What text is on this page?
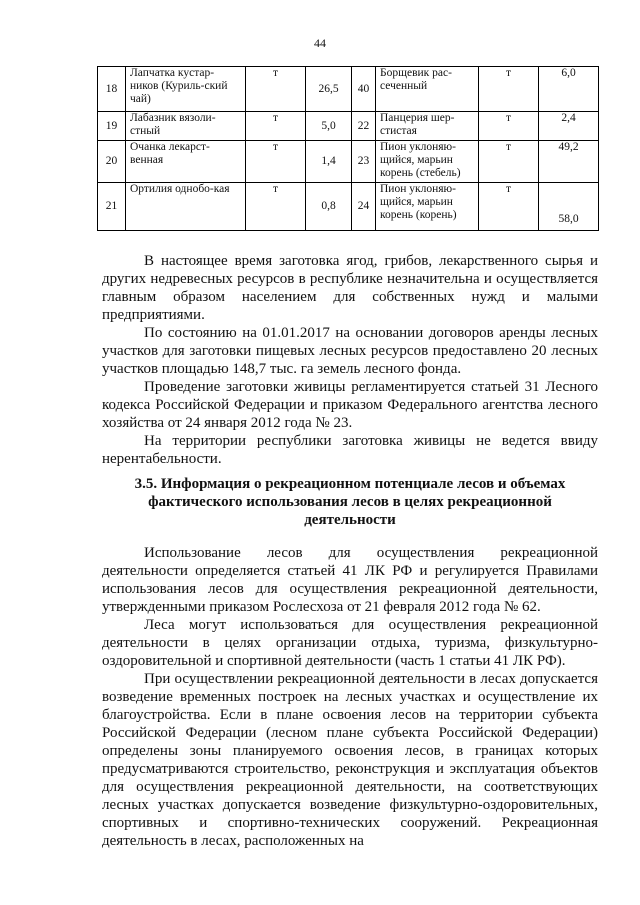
44
18	Лапчатка кустар-ников (Куриль-ский чай)	т	26,5	40	Борщевик рас-сеченный	т	6,0
19	Лабазник вязоли-стный	т	5,0	22	Панцерия шер-стистая	т	2,4
20	Очанка лекарст-венная	т	1,4	23	Пион уклоняю-щийся, марьин корень (стебель)	т	49,2
21	Ортилия однобо-кая	т	0,8	24	Пион уклоняю-щийся, марьин корень (корень)	т	58,0

В настоящее время заготовка ягод, грибов, лекарственного сырья и других недревесных ресурсов в республике незначительна и осуществляется главным образом населением для собственных нужд и малыми предприятиями.

По состоянию на 01.01.2017 на основании договоров аренды лесных участков для заготовки пищевых лесных ресурсов предоставлено 20 лесных участков площадью 148,7 тыс. га земель лесного фонда.

Проведение заготовки живицы регламентируется статьей 31 Лесного кодекса Российской Федерации и приказом Федерального агентства лесного хозяйства от 24 января 2012 года № 23.

На территории республики заготовка живицы не ведется ввиду нерентабельности.

3.5. Информация о рекреационном потенциале лесов и объемах фактического использования лесов в целях рекреационной деятельности

Использование лесов для осуществления рекреационной деятельности определяется статьей 41 ЛК РФ и регулируется Правилами использования лесов для осуществления рекреационной деятельности, утвержденными приказом Рослесхоза от 21 февраля 2012 года № 62.

Леса могут использоваться для осуществления рекреационной деятельности в целях организации отдыха, туризма, физкультурно-оздоровительной и спортивной деятельности (часть 1 статьи 41 ЛК РФ).

При осуществлении рекреационной деятельности в лесах допускается возведение временных построек на лесных участках и осуществление их благоустройства. Если в плане освоения лесов на территории субъекта Российской Федерации (лесном плане субъекта Российской Федерации) определены зоны планируемого освоения лесов, в границах которых предусматриваются строительство, реконструкция и эксплуатация объектов для осуществления рекреационной деятельности, на соответствующих лесных участках допускается возведение физкультурно-оздоровительных, спортивных и спортивно-технических сооружений. Рекреационная деятельность в лесах, расположенных на
